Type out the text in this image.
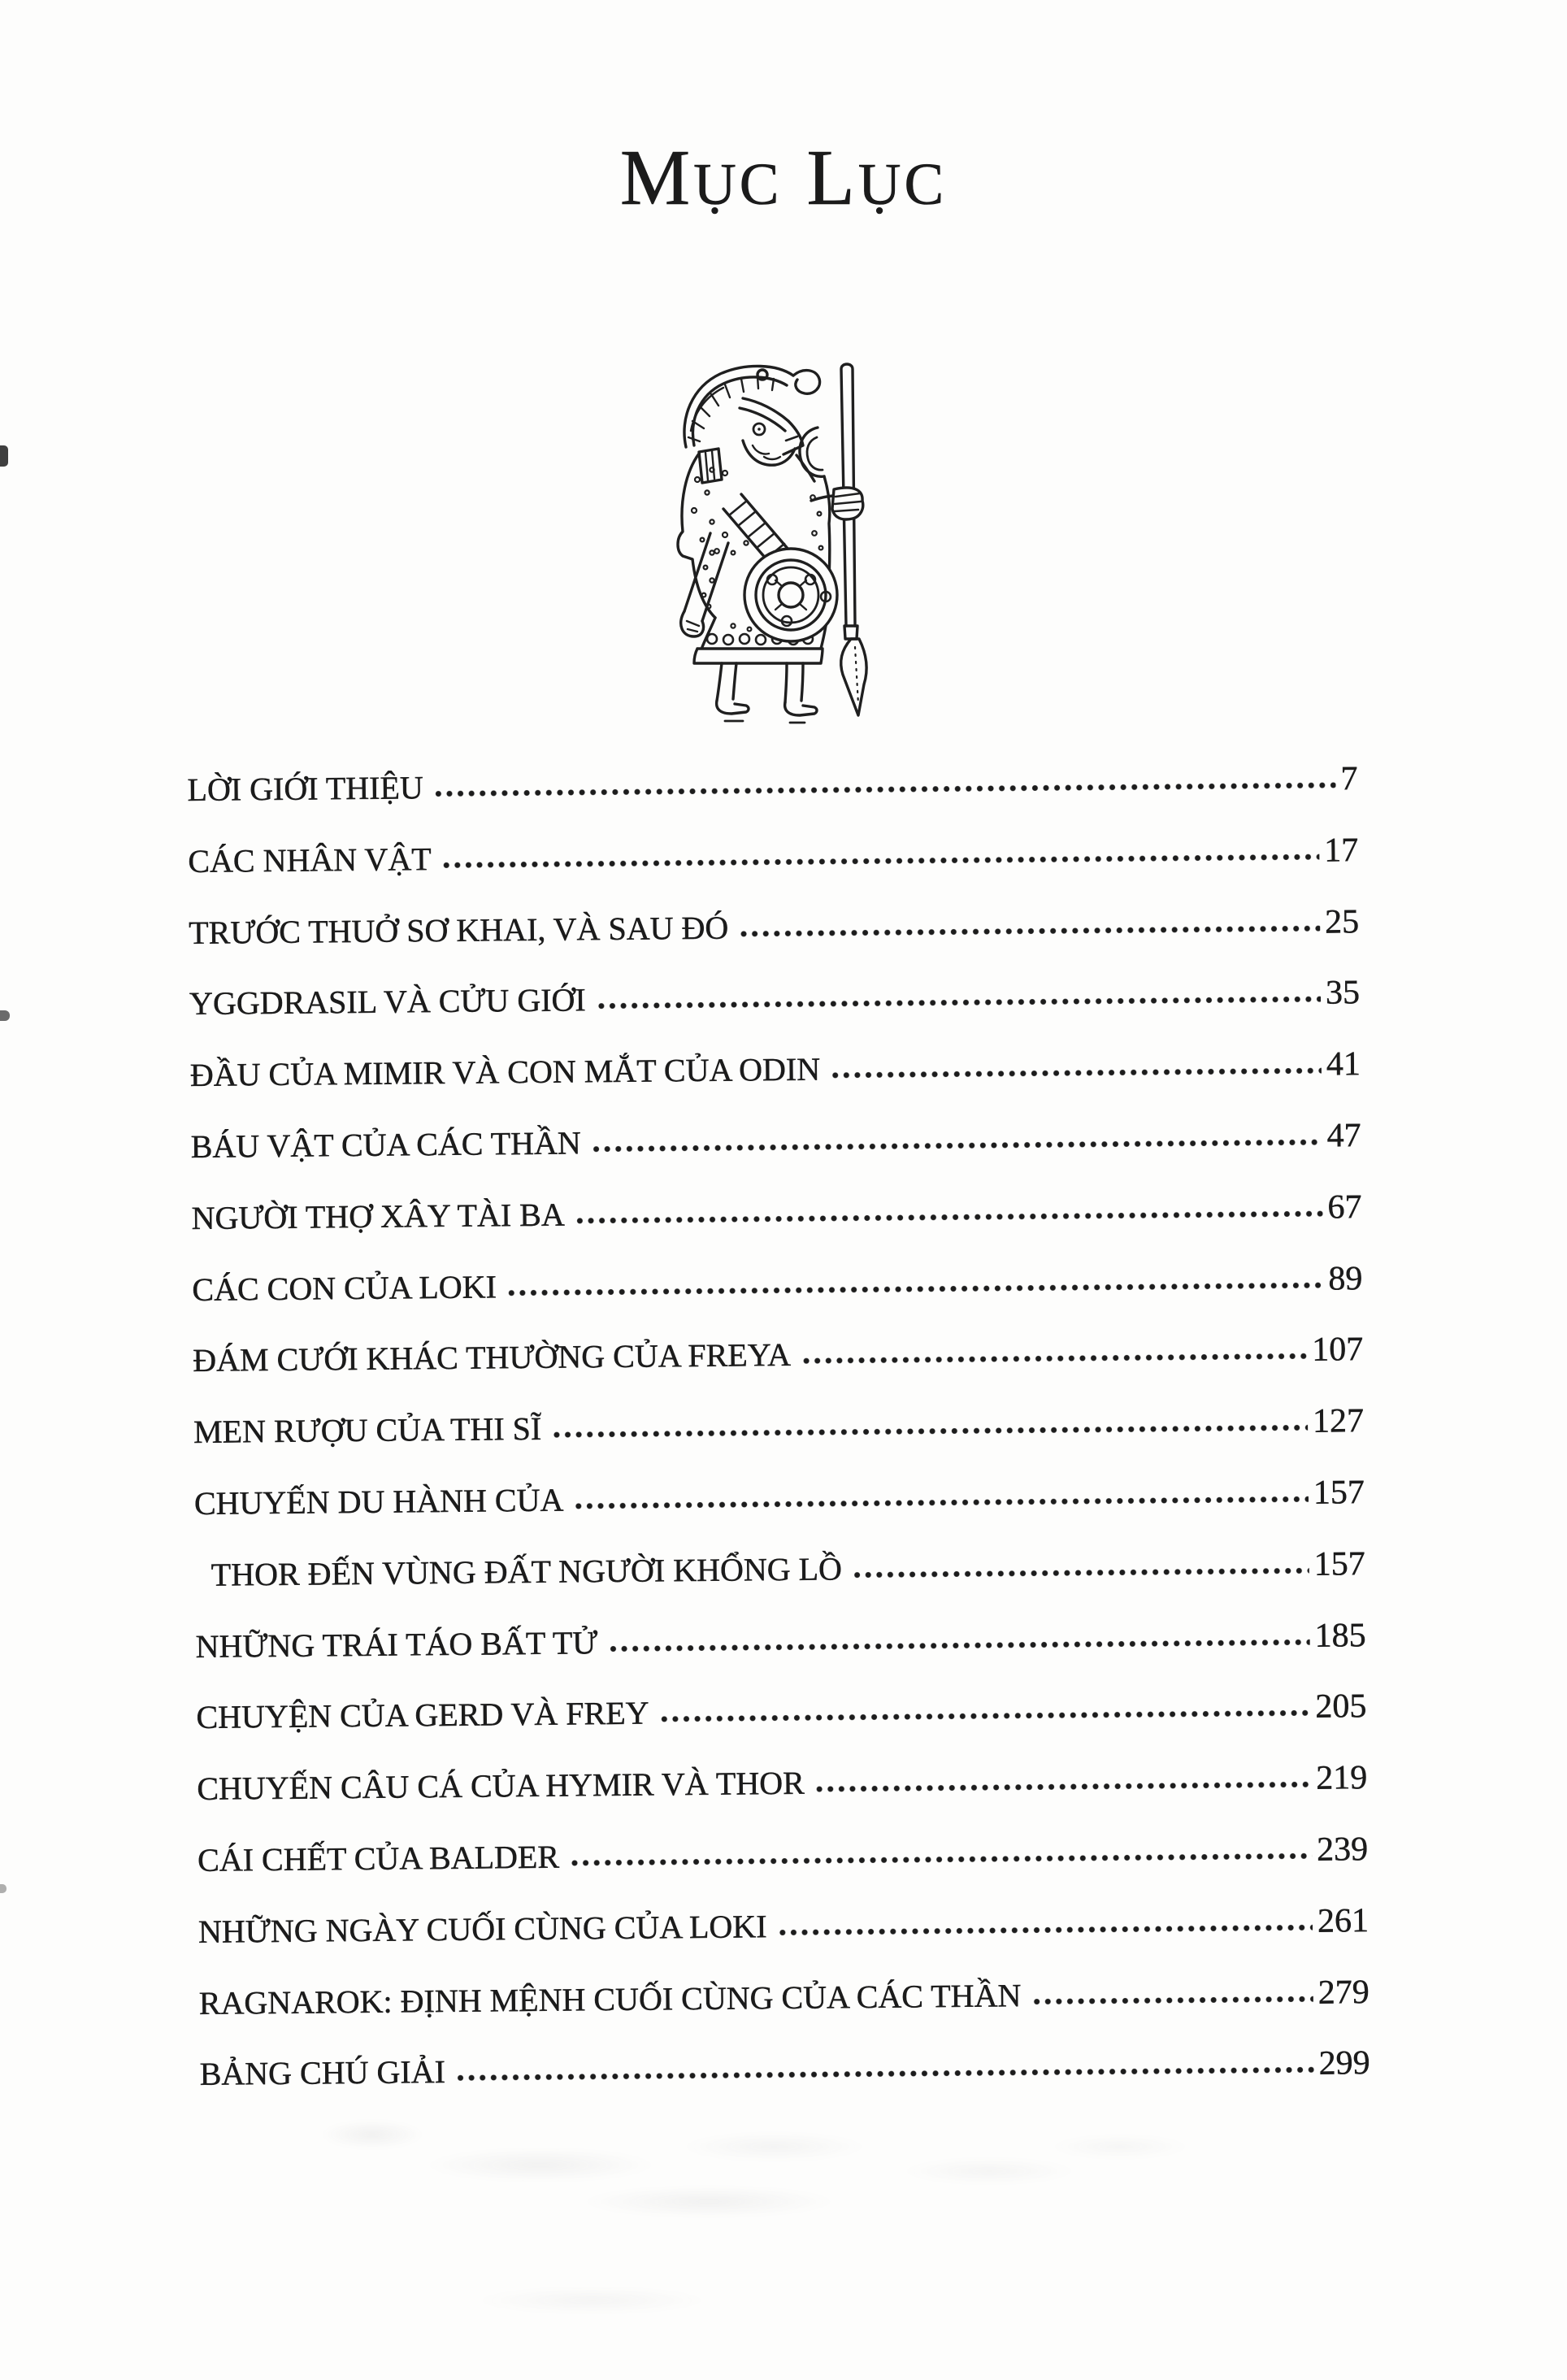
MỤC LỤC
LỜI GIỚI THIỆU	7
CÁC NHÂN VẬT	17
TRƯỚC THUỞ SƠ KHAI, VÀ SAU ĐÓ	25
YGGDRASIL VÀ CỬU GIỚI	35
ĐẦU CỦA MIMIR VÀ CON MẮT CỦA ODIN	41
BÁU VẬT CỦA CÁC THẦN	47
NGƯỜI THỢ XÂY TÀI BA	67
CÁC CON CỦA LOKI	89
ĐÁM CƯỚI KHÁC THƯỜNG CỦA FREYA	107
MEN RƯỢU CỦA THI SĨ	127
CHUYẾN DU HÀNH CỦA	157
THOR ĐẾN VÙNG ĐẤT NGƯỜI KHỔNG LỒ	157
NHỮNG TRÁI TÁO BẤT TỬ	185
CHUYỆN CỦA GERD VÀ FREY	205
CHUYẾN CÂU CÁ CỦA HYMIR VÀ THOR	219
CÁI CHẾT CỦA BALDER	239
NHỮNG NGÀY CUỐI CÙNG CỦA LOKI	261
RAGNAROK: ĐỊNH MỆNH CUỐI CÙNG CỦA CÁC THẦN	279
BẢNG CHÚ GIẢI	299
